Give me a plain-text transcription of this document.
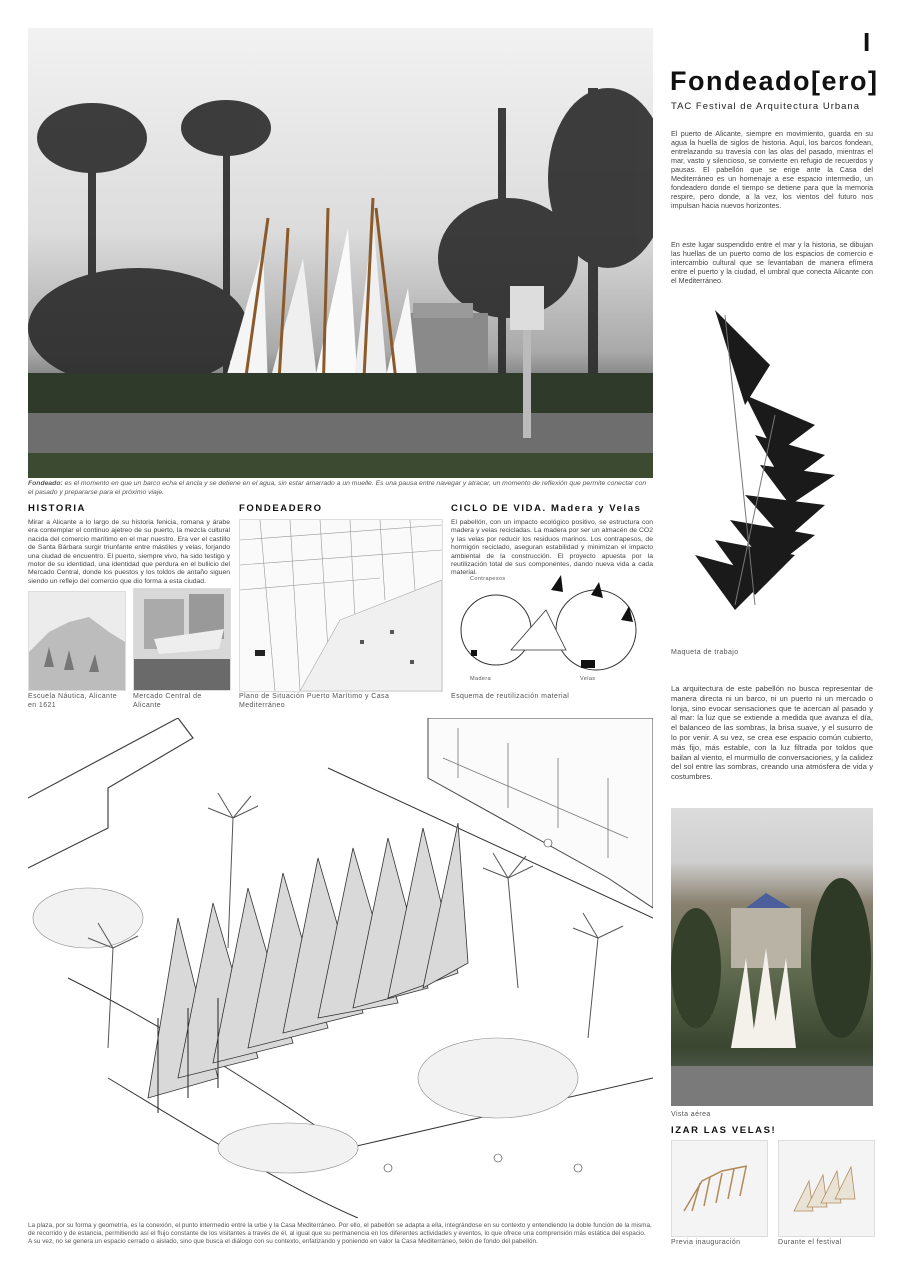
Fondeado: es el momento en que un barco echa el ancla y se detiene en el agua, sin estar amarrado a un muelle. Es una pausa entre navegar y atracar, un momento de reflexión que permite conectar con el pasado y prepararse para el próximo viaje.
I
Fondeado[ero]
TAC Festival de Arquitectura Urbana
El puerto de Alicante, siempre en movimiento, guarda en su agua la huella de siglos de historia. Aquí, los barcos fondean, entrelazando su travesía con las olas del pasado, mientras el mar, vasto y silencioso, se convierte en refugio de recuerdos y pausas. El pabellón que se erige ante la Casa del Mediterráneo es un homenaje a ese espacio intermedio, un fondeadero donde el tiempo se detiene para que la memoria respire, pero donde, a la vez, los vientos del futuro nos impulsan hacia nuevos horizontes.
En este lugar suspendido entre el mar y la historia, se dibujan las huellas de un puerto como de los espacios de comercio e intercambio cultural que se levantaban de manera efímera entre el puerto y la ciudad, el umbral que conecta Alicante con el Mediterráneo.
Maqueta de trabajo
La arquitectura de este pabellón no busca representar de manera directa ni un barco, ni un puerto ni un mercado o lonja, sino evocar sensaciones que te acercan al pasado y al mar: la luz que se extiende a medida que avanza el día, el balanceo de las sombras, la brisa suave, y el susurro de lo por venir. A su vez, se crea ese espacio común cubierto, más fijo, más estable, con la luz filtrada por toldos que bailan al viento, el murmullo de conversaciones, y la calidez del sol entre las sombras, creando una atmósfera de vida y costumbres.
Vista aérea
IZAR LAS VELAS!
Previa inauguración	Durante el festival
HISTORIA
Mirar a Alicante a lo largo de su historia fenicia, romana y árabe era contemplar el continuo ajetreo de su puerto, la mezcla cultural nacida del comercio marítimo en el mar nuestro. Era ver el castillo de Santa Bárbara surgir triunfante entre mástiles y velas, forjando una ciudad de encuentro. El puerto, siempre vivo, ha sido testigo y motor de su identidad, una identidad que perdura en el bullicio del Mercado Central, donde los puestos y los toldos de antaño siguen siendo un reflejo del comercio que dio forma a esta ciudad.
Escuela Náutica, Alicante en 1621
Mercado Central de Alicante
FONDEADERO
Plano de Situación Puerto Marítimo y Casa Mediterráneo
CICLO DE VIDA. Madera y Velas
El pabellón, con un impacto ecológico positivo, se estructura con madera y velas recicladas. La madera por ser un almacén de CO2 y las velas por reducir los residuos marinos. Los contrapesos, de hormigón reciclado, aseguran estabilidad y minimizan el impacto ambiental de la construcción. El proyecto apuesta por la reutilización total de sus componentes, dando nueva vida a cada material.
Contrapesos
Madera	Velas
Esquema de reutilización material
La plaza, por su forma y geometría, es la conexión, el punto intermedio entre la urbe y la Casa Mediterráneo. Por ello, el pabellón se adapta a ella, integrándose en su contexto y entendiendo la doble función de la misma, de recorrido y de estancia, permitiendo así el flujo constante de los visitantes a través de él, al igual que su permanencia en los diferentes actividades y eventos, lo que ofrece una comprensión más estática del espacio.
A su vez, no se genera un espacio cerrado o aislado, sino que busca el diálogo con su contexto, enfatizando y poniendo en valor la Casa Mediterráneo, telón de fondo del pabellón.
